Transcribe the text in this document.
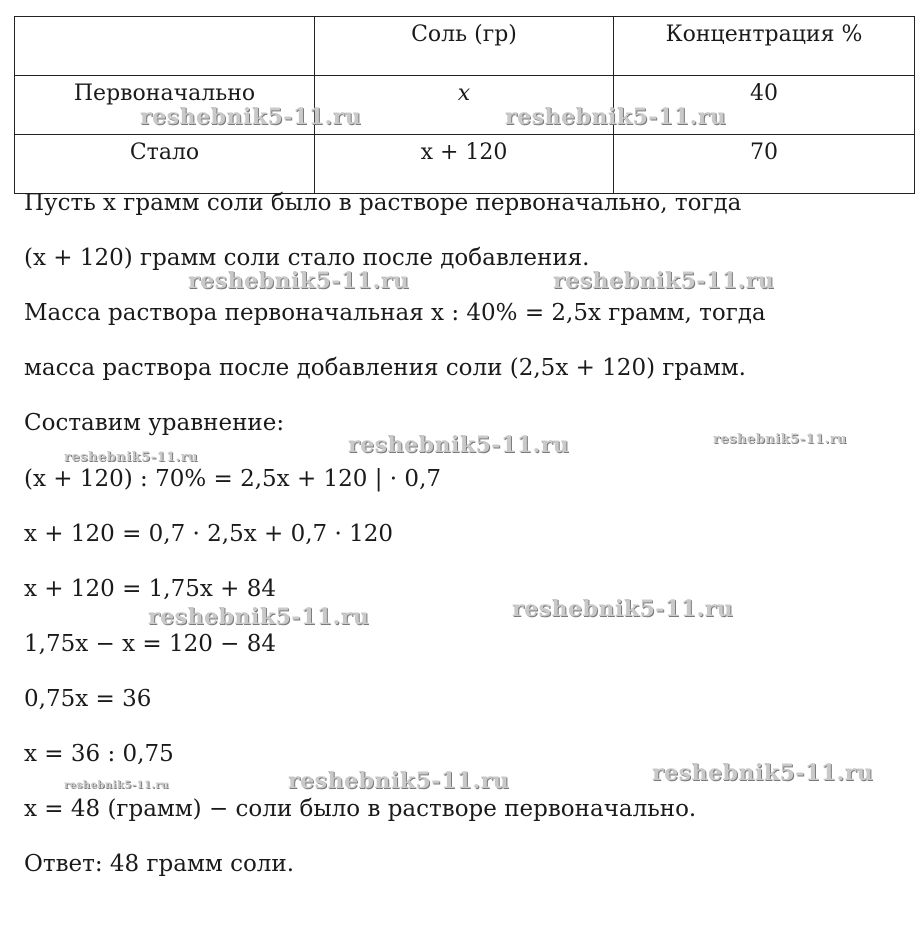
	Соль (гр)	Концентрация %
Первоначально	x	40
Стало	x + 120	70
Пусть x грамм соли было в растворе первоначально, тогда
(x + 120) грамм соли стало после добавления.
Масса раствора первоначальная x : 40% = 2,5x грамм, тогда
масса раствора после добавления соли (2,5x + 120) грамм.
Составим уравнение:
(x + 120) : 70% = 2,5x + 120 | · 0,7
x + 120 = 0,7 · 2,5x + 0,7 · 120
x + 120 = 1,75x + 84
1,75x − x = 120 − 84
0,75x = 36
x = 36 : 0,75
x = 48 (грамм) − соли было в растворе первоначально.
Ответ: 48 грамм соли.
reshebnik5-11.ru	reshebnik5-11.ru
reshebnik5-11.ru	reshebnik5-11.ru
reshebnik5-11.ru	reshebnik5-11.ru
reshebnik5-11.ru
reshebnik5-11.ru	reshebnik5-11.ru
reshebnik5-11.ru	reshebnik5-11.ru
reshebnik5-11.ru
